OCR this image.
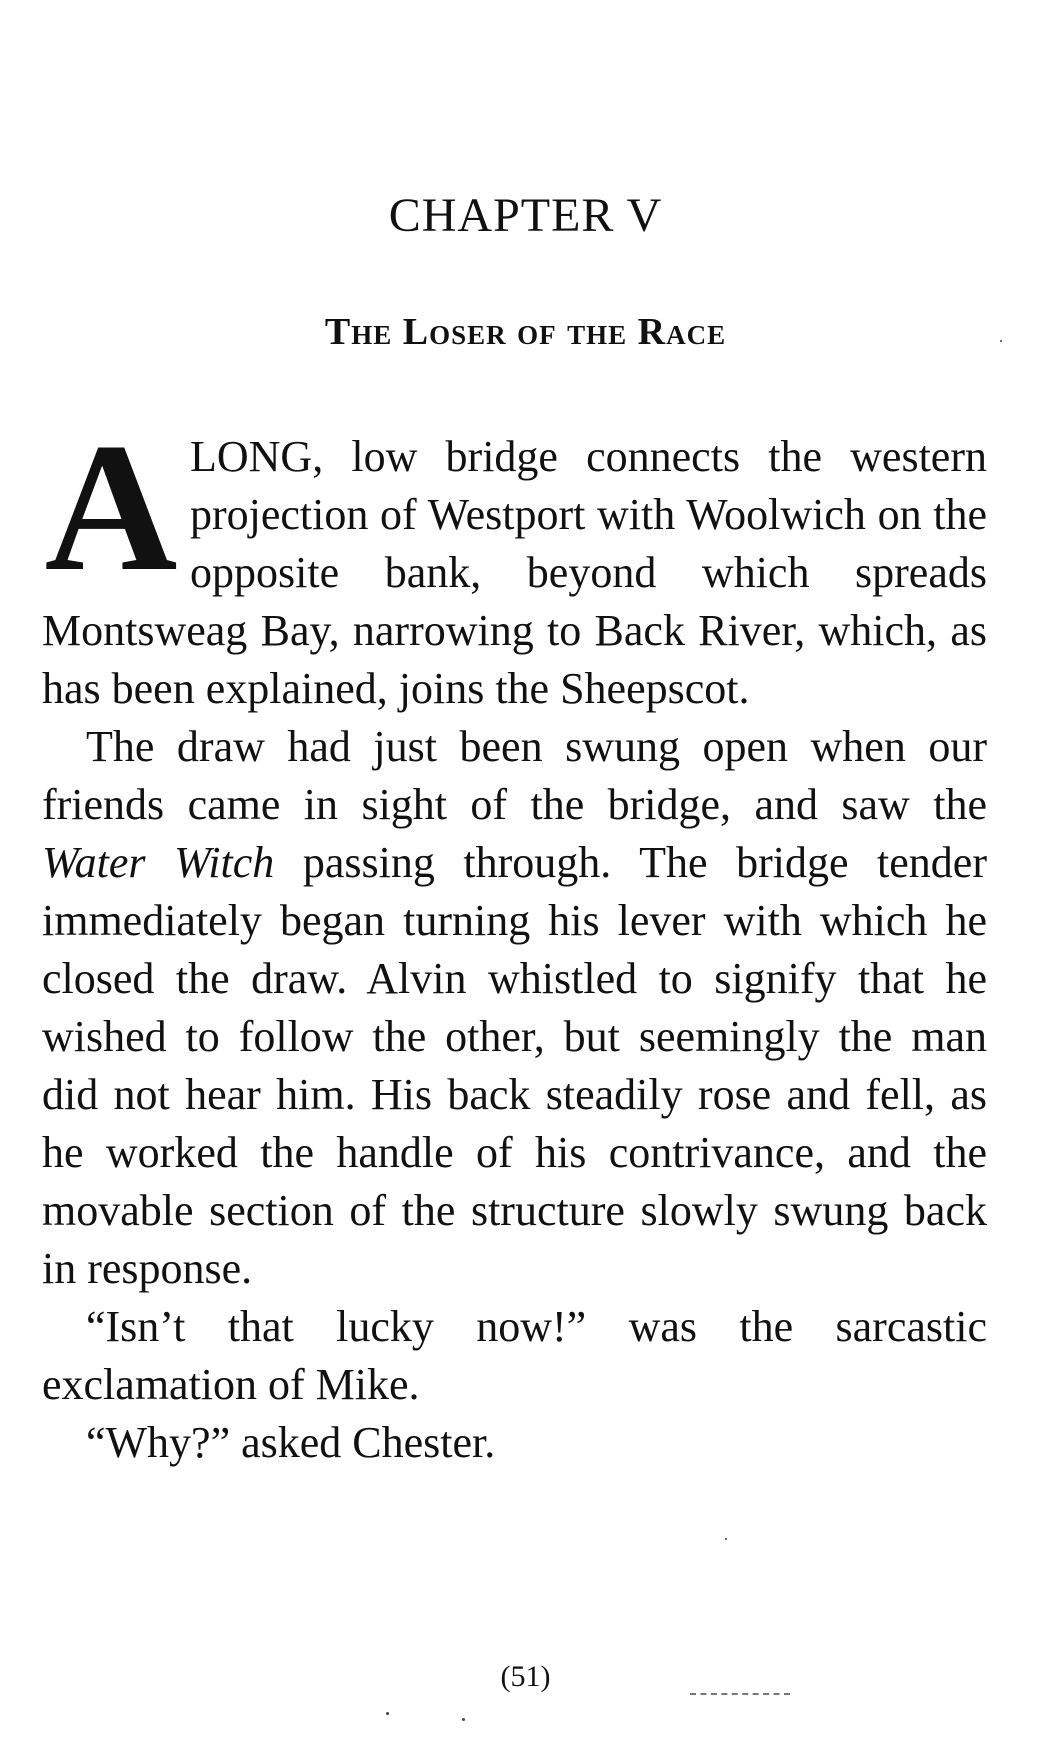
CHAPTER V
The Loser of the Race

ALONG, low bridge connects the western projection of Westport with Woolwich on the opposite bank, beyond which spreads Montsweag Bay, narrowing to Back River, which, as has been explained, joins the Sheepscot.

The draw had just been swung open when our friends came in sight of the bridge, and saw the Water Witch passing through. The bridge tender immediately began turning his lever with which he closed the draw. Alvin whistled to signify that he wished to follow the other, but seemingly the man did not hear him. His back steadily rose and fell, as he worked the handle of his contrivance, and the movable section of the structure slowly swung back in response.

“Isn’t that lucky now!” was the sarcastic exclamation of Mike.

“Why?” asked Chester.

(51)
